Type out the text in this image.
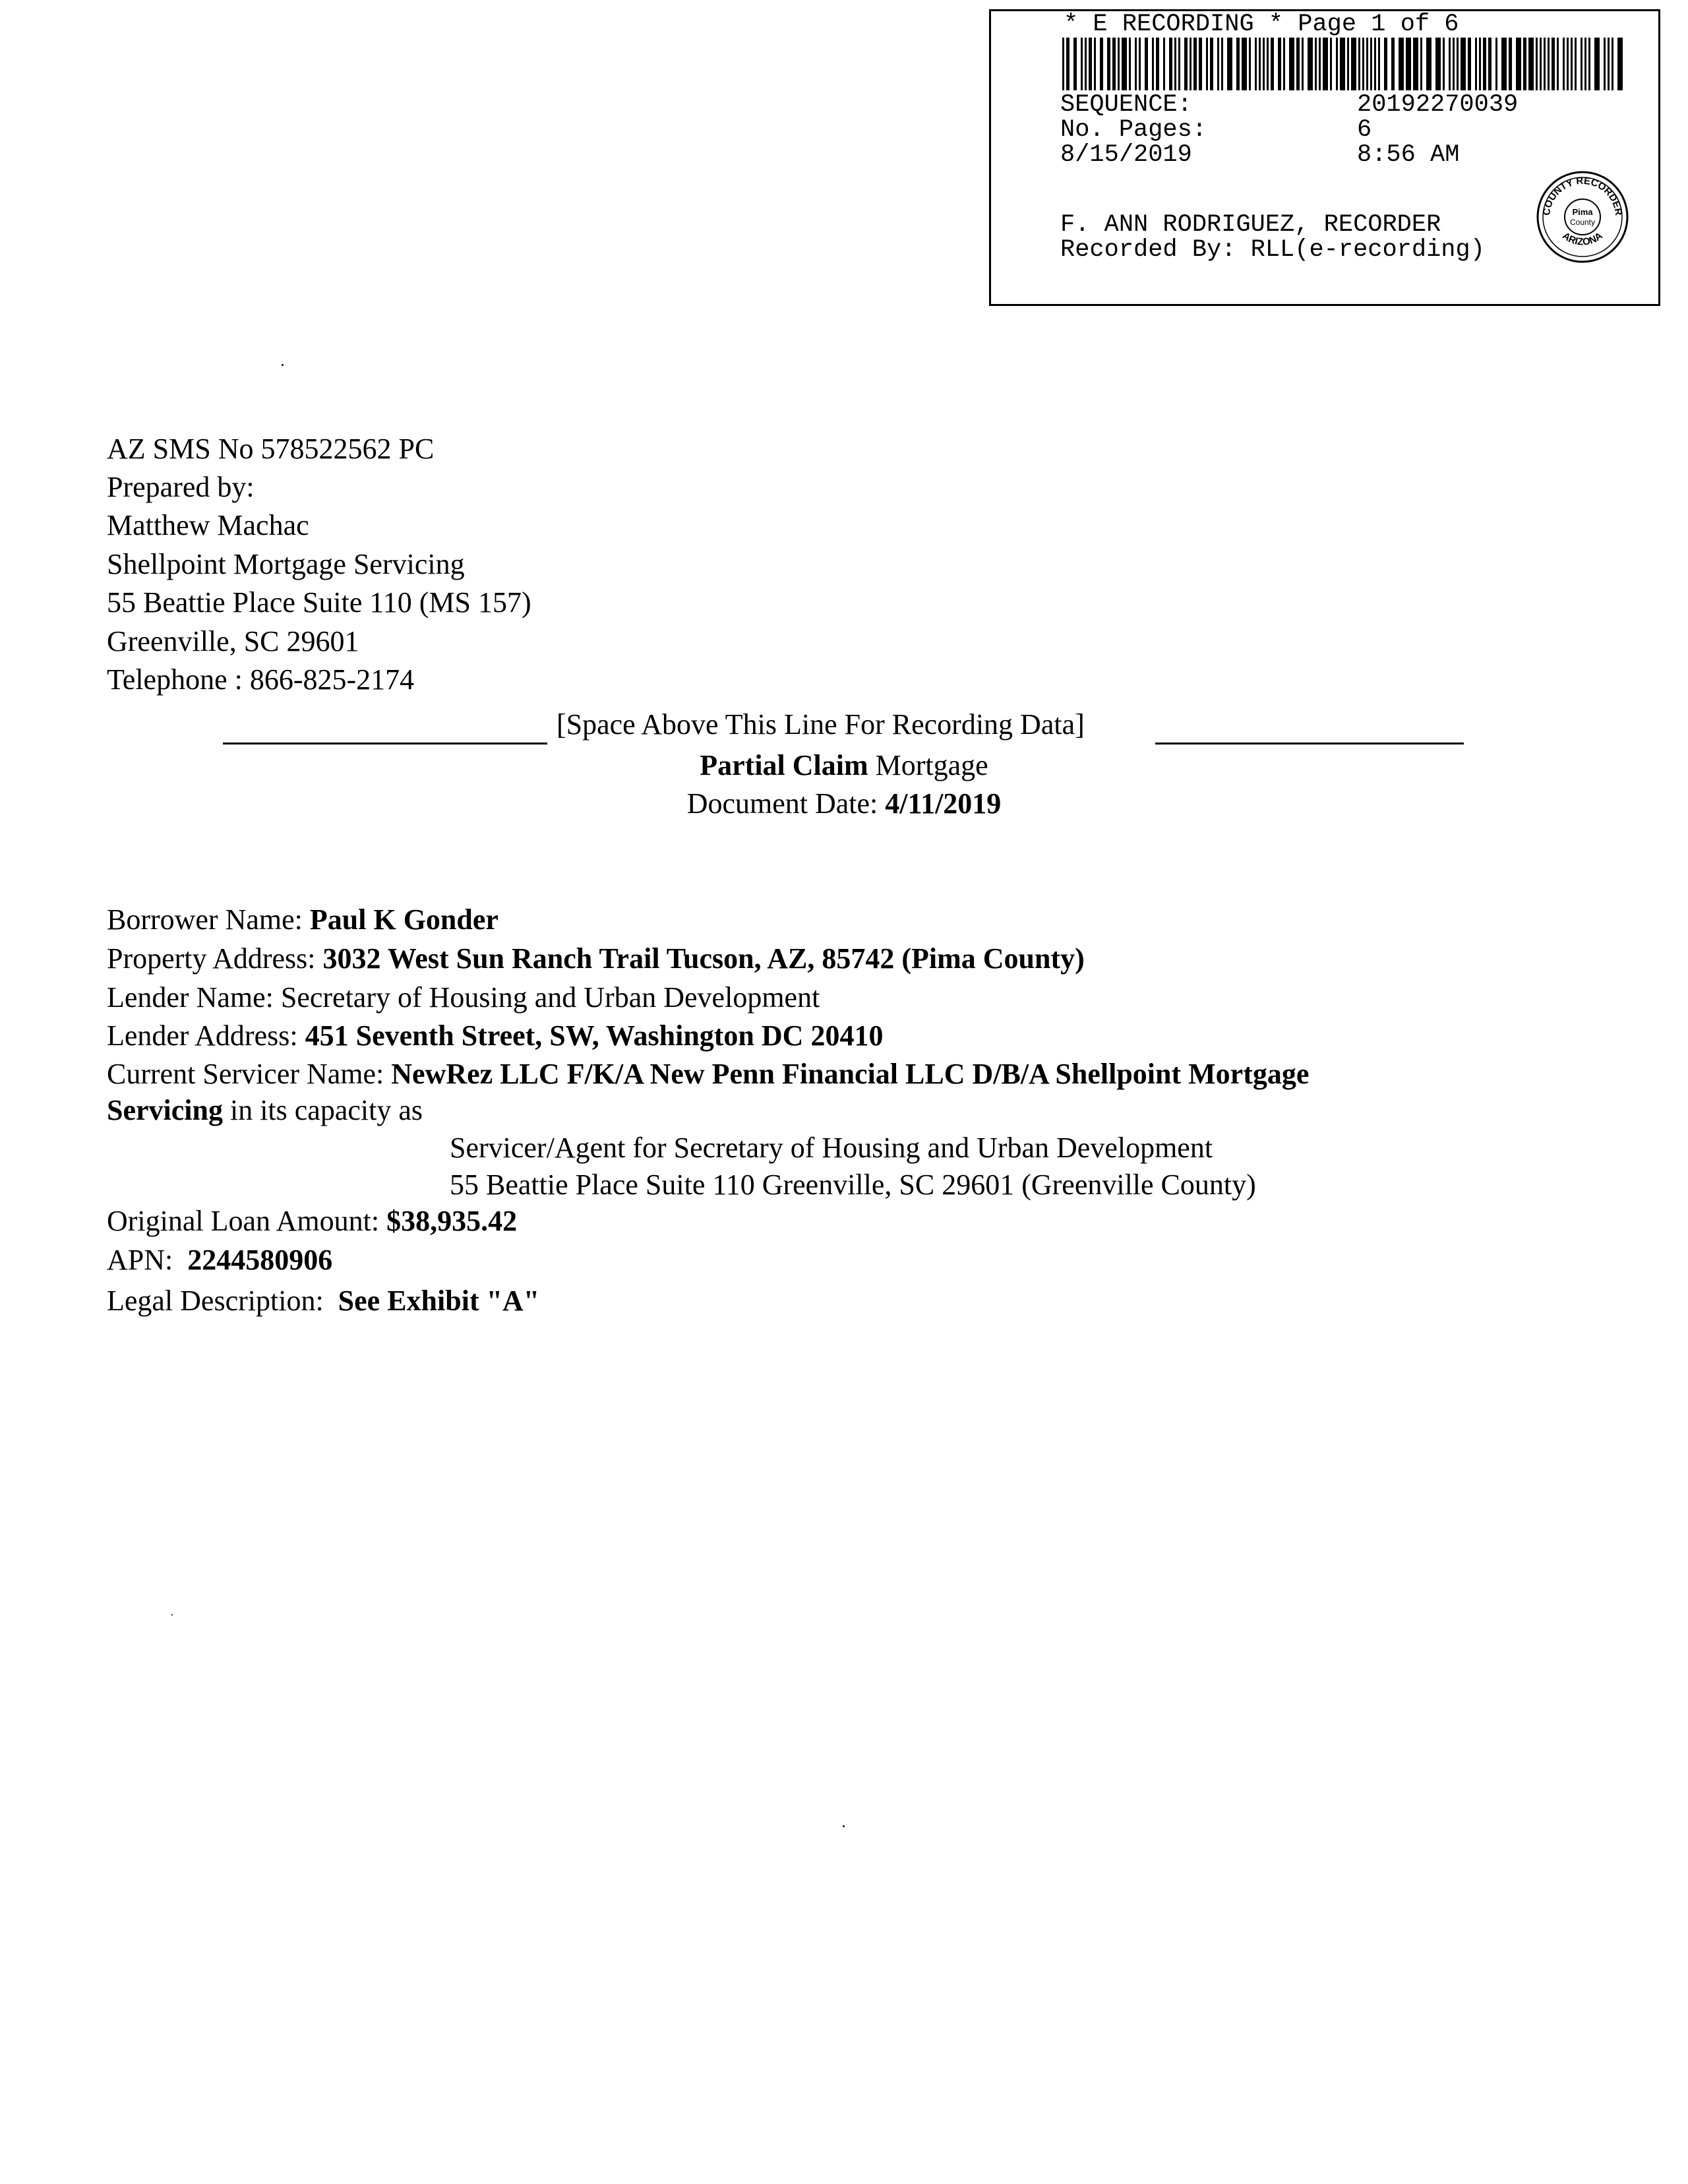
* E RECORDING * Page 1 of 6
SEQUENCE:	20192270039
No. Pages:	6
8/15/2019	8:56 AM
F. ANN RODRIGUEZ, RECORDER
Recorded By: RLL(e-recording)
COUNTY RECORDER
ARIZONA
Pima
County
AZ SMS No 578522562 PC
Prepared by:
Matthew Machac
Shellpoint Mortgage Servicing
55 Beattie Place Suite 110 (MS 157)
Greenville, SC 29601
Telephone : 866-825-2174
[Space Above This Line For Recording Data]
Partial Claim Mortgage
Document Date: 4/11/2019
Borrower Name: Paul K Gonder
Property Address: 3032 West Sun Ranch Trail Tucson, AZ, 85742 (Pima County)
Lender Name: Secretary of Housing and Urban Development
Lender Address: 451 Seventh Street, SW, Washington DC 20410
Current Servicer Name: NewRez LLC F/K/A New Penn Financial LLC D/B/A Shellpoint Mortgage
Servicing in its capacity as
Servicer/Agent for Secretary of Housing and Urban Development
55 Beattie Place Suite 110 Greenville, SC 29601 (Greenville County)
Original Loan Amount: $38,935.42
APN:  2244580906
Legal Description:  See Exhibit "A"
